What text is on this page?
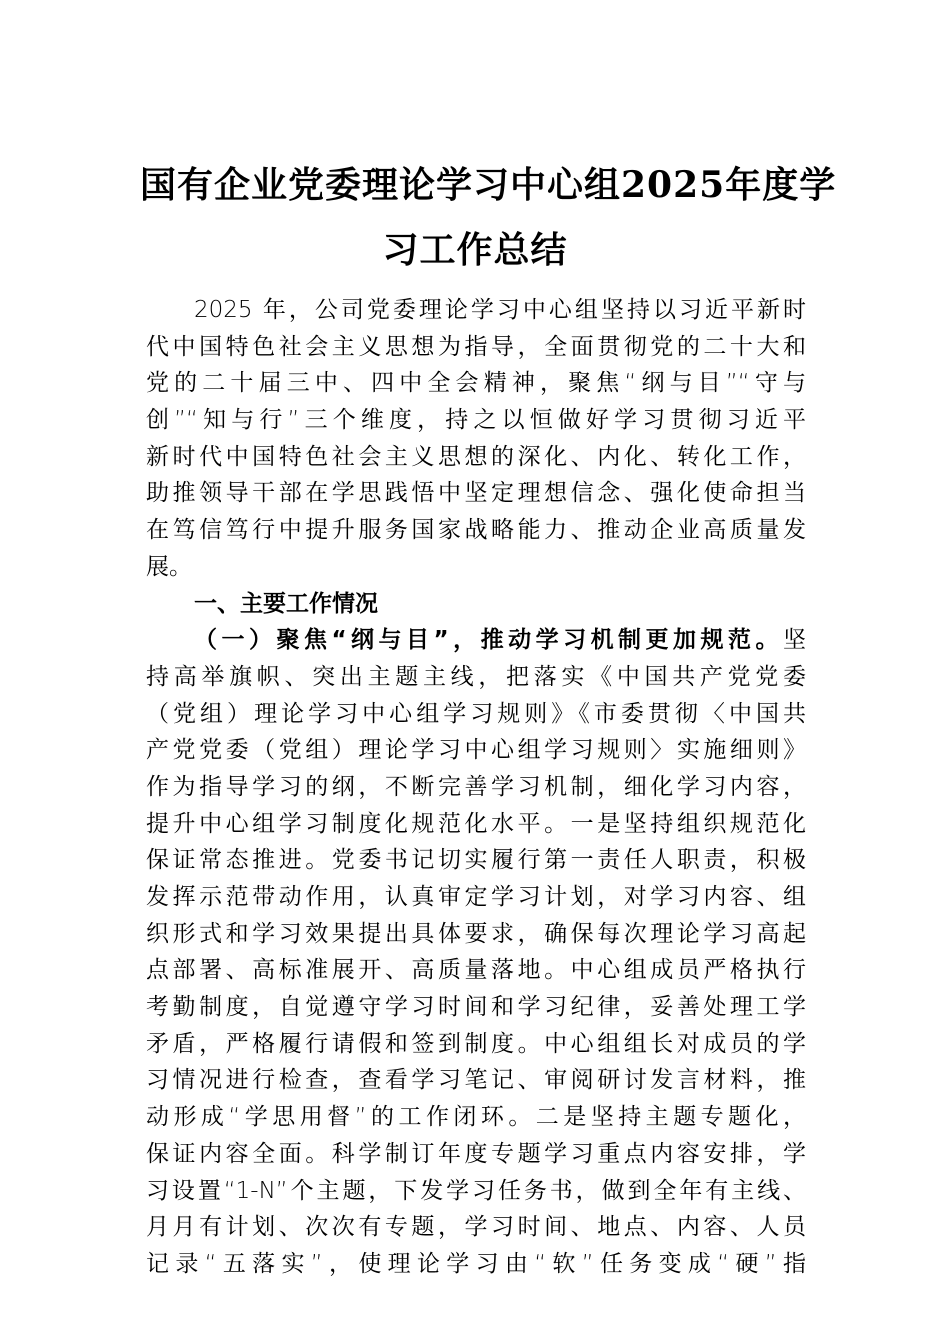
国有企业党委理论学习中心组2025年度学
习工作总结
2025 年，公司党委理论学习中心组坚持以习近平新时
代中国特色社会主义思想为指导，全面贯彻党的二十大和
党的二十届三中、四中全会精神，聚焦“纲与目”“守与
创”“知与行”三个维度，持之以恒做好学习贯彻习近平
新时代中国特色社会主义思想的深化、内化、转化工作，
助推领导干部在学思践悟中坚定理想信念、强化使命担当
在笃信笃行中提升服务国家战略能力、推动企业高质量发
展。
一、主要工作情况
（一）聚焦“纲与目”，推动学习机制更加规范。坚
持高举旗帜、突出主题主线，把落实《中国共产党党委
（党组）理论学习中心组学习规则》《市委贯彻〈中国共
产党党委（党组）理论学习中心组学习规则〉实施细则》
作为指导学习的纲，不断完善学习机制，细化学习内容，
提升中心组学习制度化规范化水平。一是坚持组织规范化
保证常态推进。党委书记切实履行第一责任人职责，积极
发挥示范带动作用，认真审定学习计划，对学习内容、组
织形式和学习效果提出具体要求，确保每次理论学习高起
点部署、高标准展开、高质量落地。中心组成员严格执行
考勤制度，自觉遵守学习时间和学习纪律，妥善处理工学
矛盾，严格履行请假和签到制度。中心组组长对成员的学
习情况进行检查，查看学习笔记、审阅研讨发言材料，推
动形成“学思用督”的工作闭环。二是坚持主题专题化，
保证内容全面。科学制订年度专题学习重点内容安排，学
习设置“1-N”个主题，下发学习任务书，做到全年有主线、
月月有计划、次次有专题，学习时间、地点、内容、人员
记录“五落实”，使理论学习由“软”任务变成“硬”指
